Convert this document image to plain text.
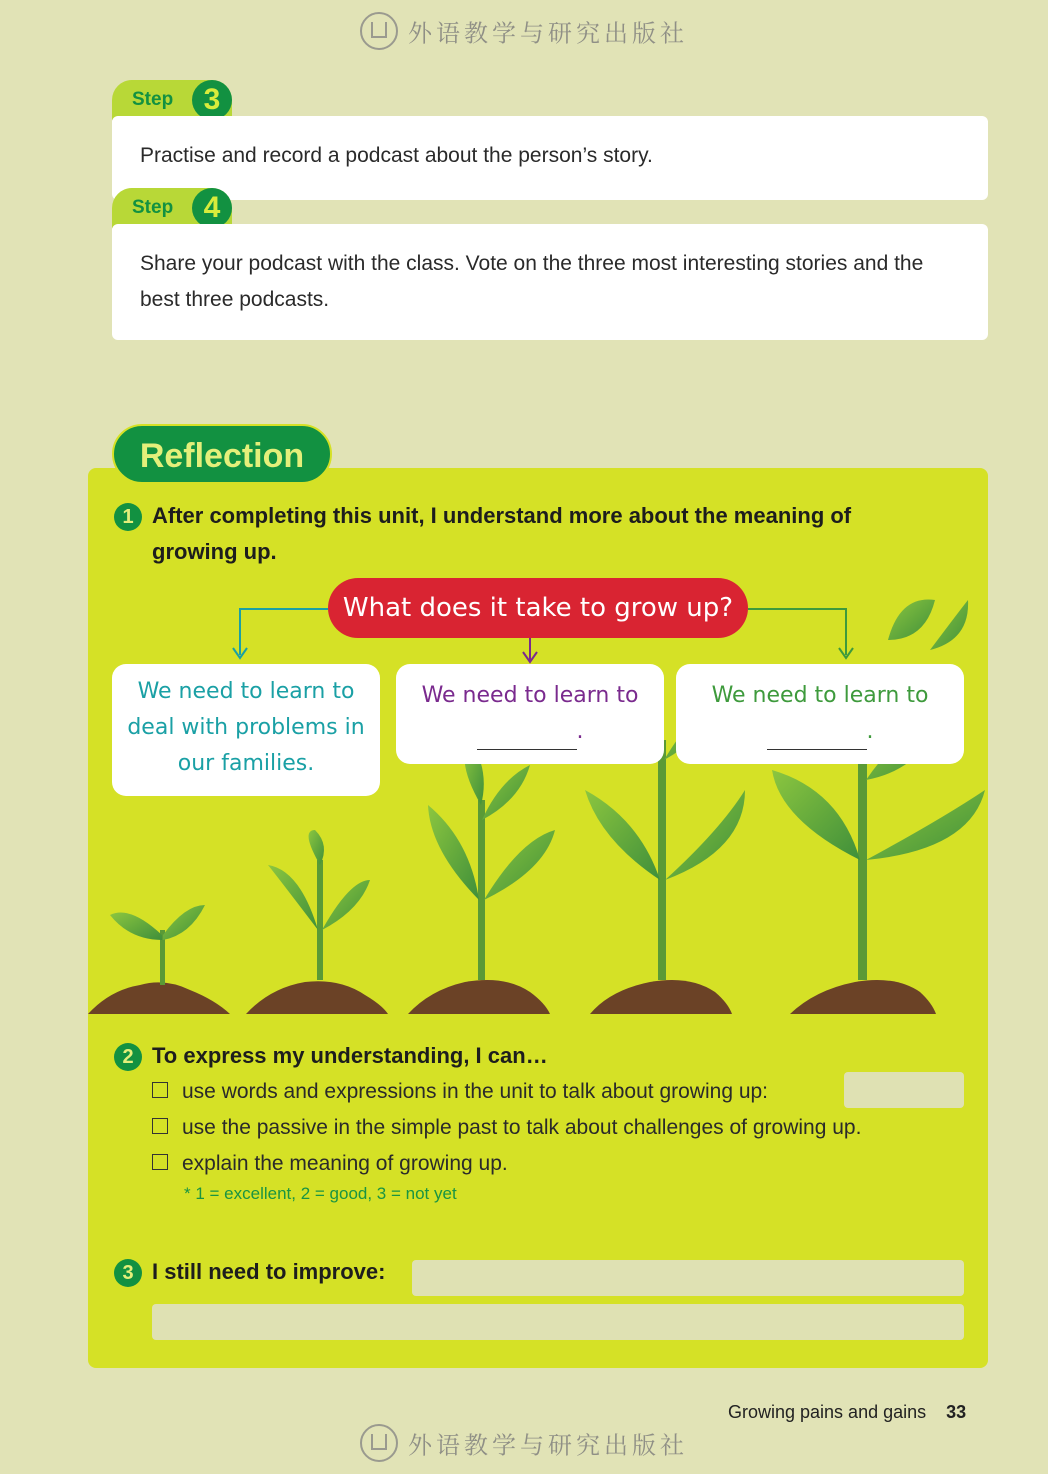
外语教学与研究出版社
Step	3
Practise and record a podcast about the person’s story.
Step	4
Share your podcast with the class. Vote on the three most interesting stories and the best three podcasts.
Reflection
1 After completing this unit, I understand more about the meaning of growing up.
What does it take to grow up?
We need to learn to deal with problems in our families.
We need to learn to
.
We need to learn to
.
2 To express my understanding, I can…
use words and expressions in the unit to talk about growing up:
use the passive in the simple past to talk about challenges of growing up.
explain the meaning of growing up.
* 1 = excellent, 2 = good, 3 = not yet
3 I still need to improve:
Growing pains and gains 33
外语教学与研究出版社
